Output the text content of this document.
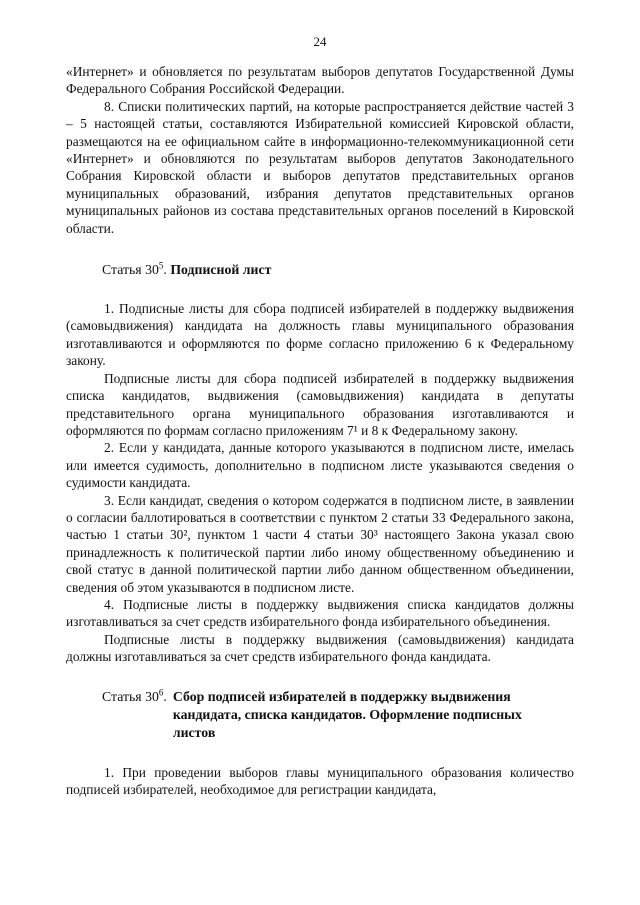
24

«Интернет» и обновляется по результатам выборов депутатов Государственной Думы Федерального Собрания Российской Федерации.

8. Списки политических партий, на которые распространяется действие частей 3 – 5 настоящей статьи, составляются Избирательной комиссией Кировской области, размещаются на ее официальном сайте в информационно-телекоммуникационной сети «Интернет» и обновляются по результатам выборов депутатов Законодательного Собрания Кировской области и выборов депутатов представительных органов муниципальных образований, избрания депутатов представительных органов муниципальных районов из состава представительных органов поселений в Кировской области.

Статья $30^5$. Подписной лист

1. Подписные листы для сбора подписей избирателей в поддержку выдвижения (самовыдвижения) кандидата на должность главы муниципального образования изготавливаются и оформляются по форме согласно приложению 6 к Федеральному закону.

Подписные листы для сбора подписей избирателей в поддержку выдвижения списка кандидатов, выдвижения (самовыдвижения) кандидата в депутаты представительного органа муниципального образования изготавливаются и оформляются по формам согласно приложениям 7¹ и 8 к Федеральному закону.

2. Если у кандидата, данные которого указываются в подписном листе, имелась или имеется судимость, дополнительно в подписном листе указываются сведения о судимости кандидата.

3. Если кандидат, сведения о котором содержатся в подписном листе, в заявлении о согласии баллотироваться в соответствии с пунктом 2 статьи 33 Федерального закона, частью 1 статьи 30², пунктом 1 части 4 статьи 30³ настоящего Закона указал свою принадлежность к политической партии либо иному общественному объединению и свой статус в данной политической партии либо данном общественном объединении, сведения об этом указываются в подписном листе.

4. Подписные листы в поддержку выдвижения списка кандидатов должны изготавливаться за счет средств избирательного фонда избирательного объединения.

Подписные листы в поддержку выдвижения (самовыдвижения) кандидата должны изготавливаться за счет средств избирательного фонда кандидата.

Статья $30^6$. Сбор подписей избирателей в поддержку выдвижения кандидата, списка кандидатов. Оформление подписных листов

1. При проведении выборов главы муниципального образования количество подписей избирателей, необходимое для регистрации кандидата,
